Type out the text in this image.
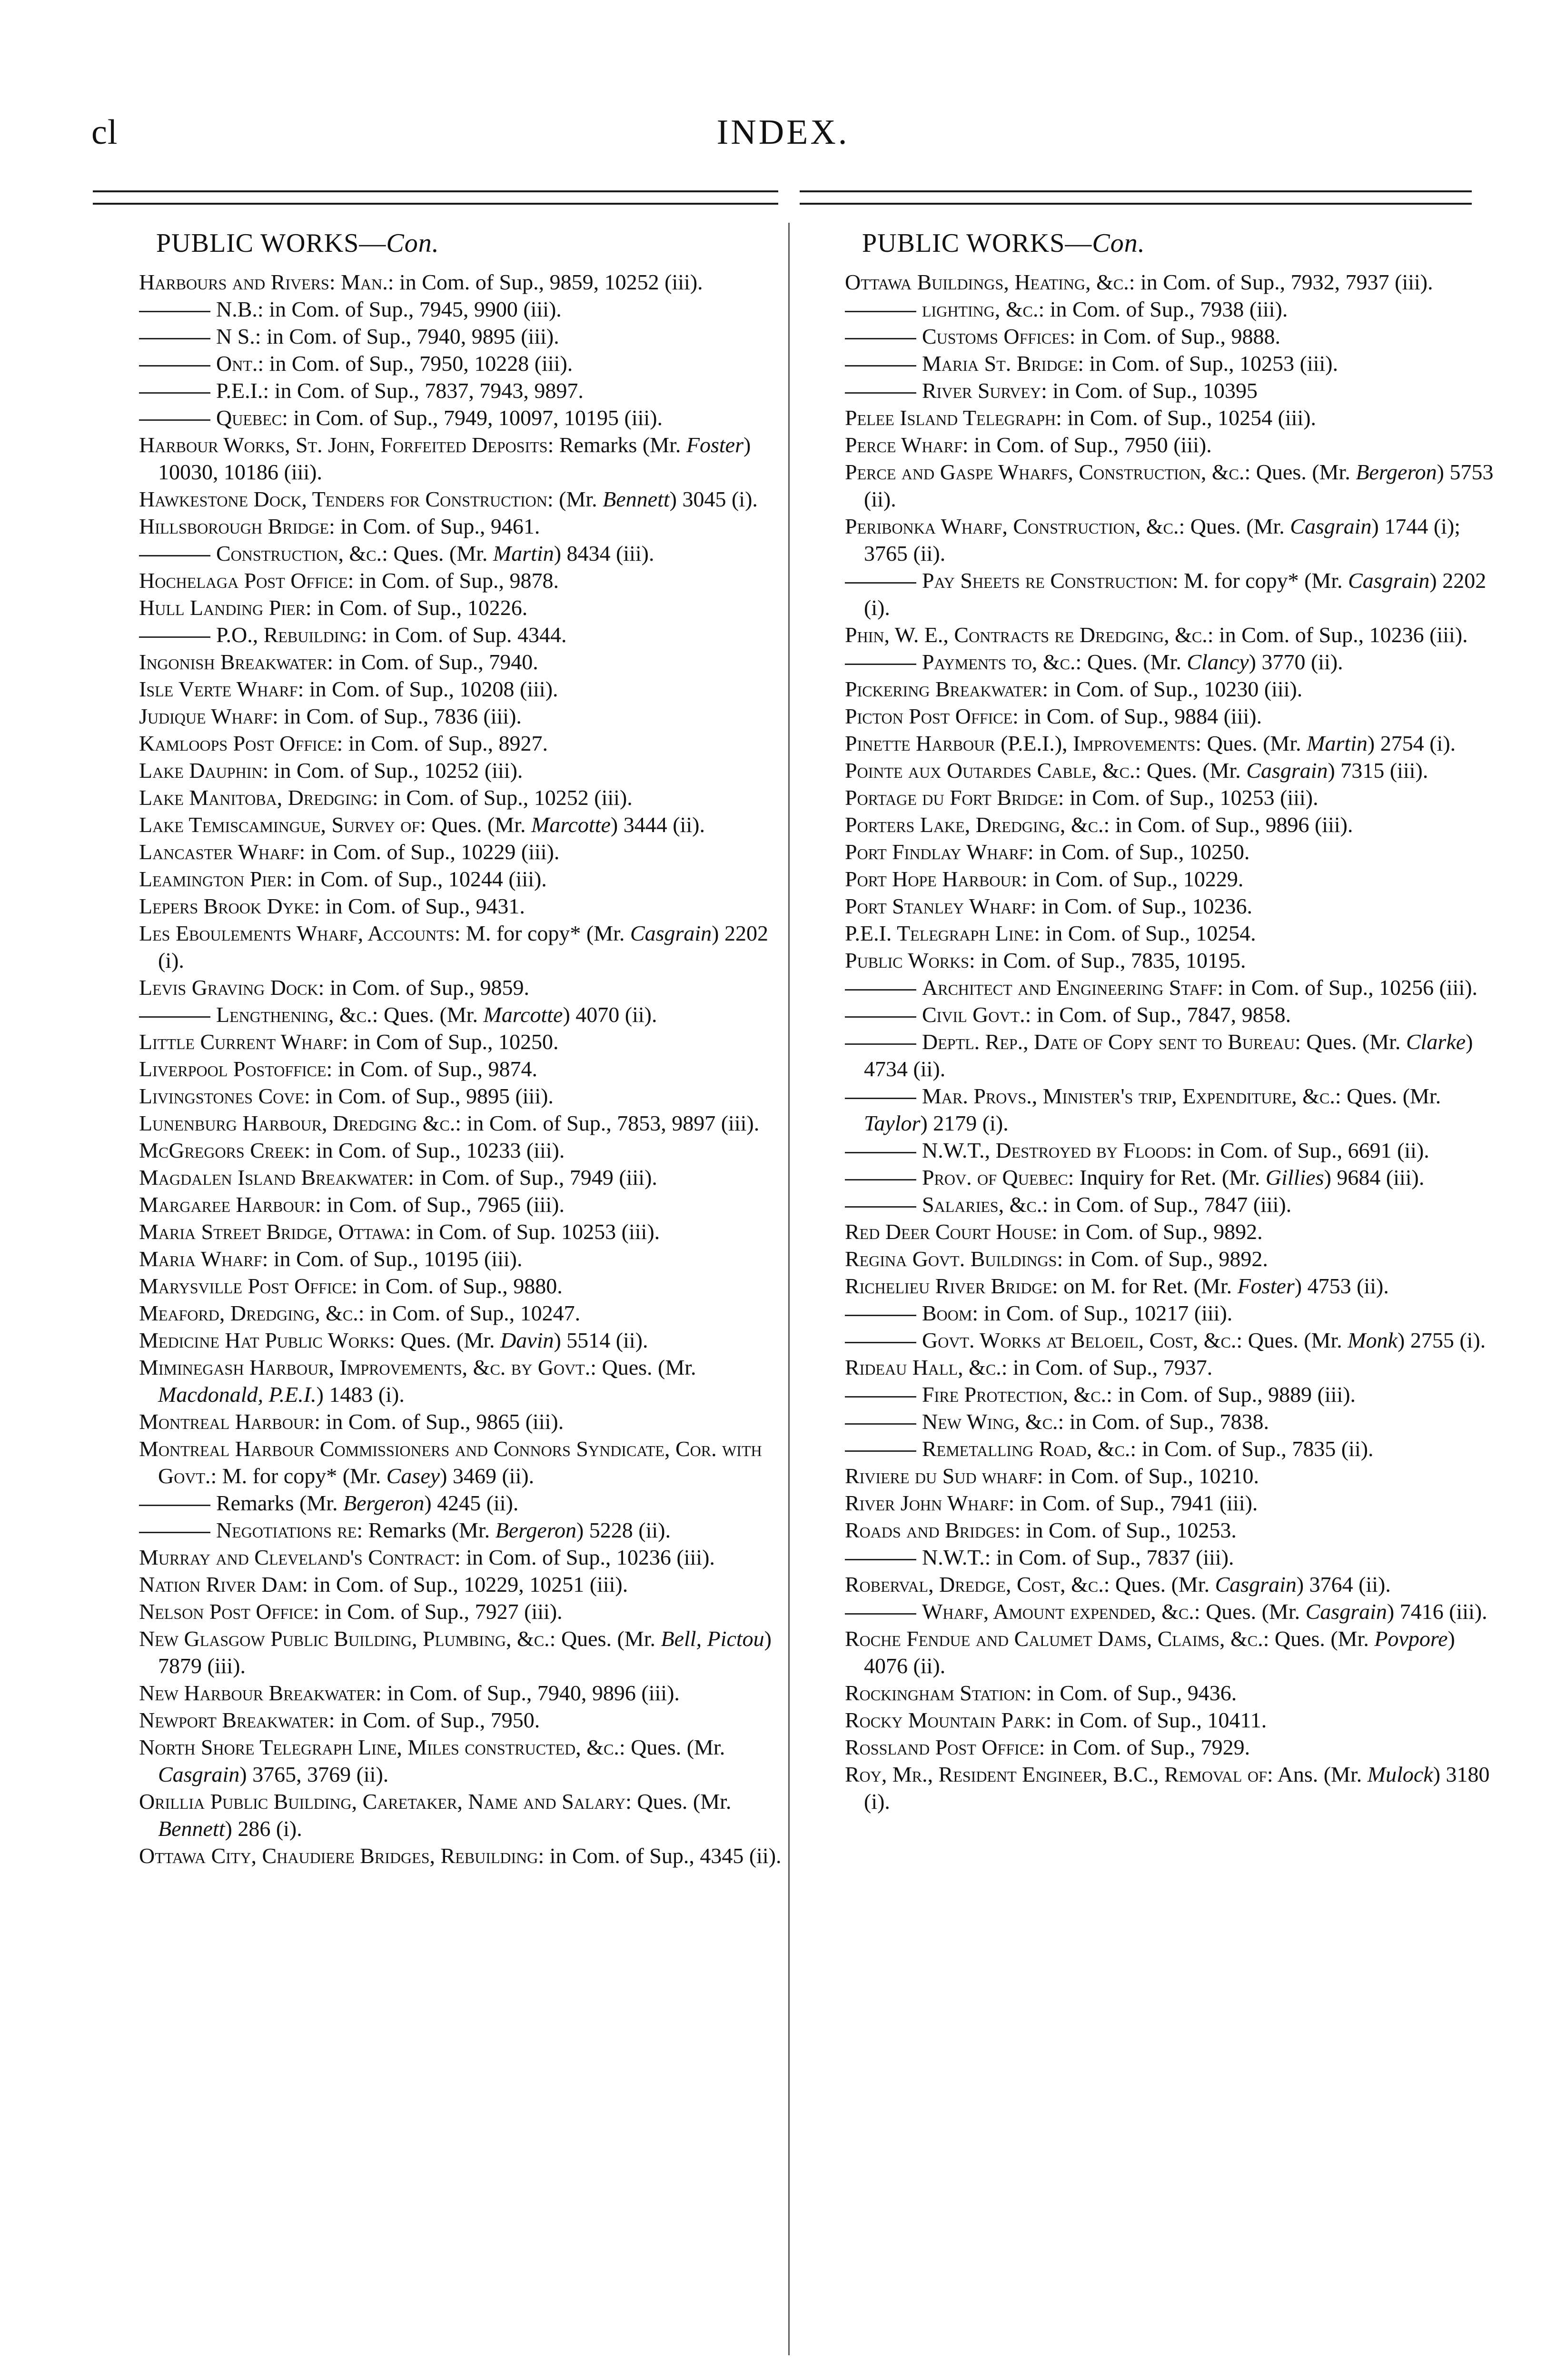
cl	INDEX.
PUBLIC WORKS—Con.
Harbours and Rivers: Man.: in Com. of Sup., 9859, 10252 (iii).
N.B.: in Com. of Sup., 7945, 9900 (iii).
N S.: in Com. of Sup., 7940, 9895 (iii).
Ont.: in Com. of Sup., 7950, 10228 (iii).
P.E.I.: in Com. of Sup., 7837, 7943, 9897.
Quebec: in Com. of Sup., 7949, 10097, 10195 (iii).
Harbour Works, St. John, Forfeited Deposits: Remarks (Mr. Foster) 10030, 10186 (iii).
Hawkestone Dock, Tenders for Construction: (Mr. Bennett) 3045 (i).
Hillsborough Bridge: in Com. of Sup., 9461.
Construction, &c.: Ques. (Mr. Martin) 8434 (iii).
Hochelaga Post Office: in Com. of Sup., 9878.
Hull Landing Pier: in Com. of Sup., 10226.
P.O., Rebuilding: in Com. of Sup. 4344.
Ingonish Breakwater: in Com. of Sup., 7940.
Isle Verte Wharf: in Com. of Sup., 10208 (iii).
Judique Wharf: in Com. of Sup., 7836 (iii).
Kamloops Post Office: in Com. of Sup., 8927.
Lake Dauphin: in Com. of Sup., 10252 (iii).
Lake Manitoba, Dredging: in Com. of Sup., 10252 (iii).
Lake Temiscamingue, Survey of: Ques. (Mr. Marcotte) 3444 (ii).
Lancaster Wharf: in Com. of Sup., 10229 (iii).
Leamington Pier: in Com. of Sup., 10244 (iii).
Lepers Brook Dyke: in Com. of Sup., 9431.
Les Eboulements Wharf, Accounts: M. for copy* (Mr. Casgrain) 2202 (i).
Levis Graving Dock: in Com. of Sup., 9859.
Lengthening, &c.: Ques. (Mr. Marcotte) 4070 (ii).
Little Current Wharf: in Com of Sup., 10250.
Liverpool Postoffice: in Com. of Sup., 9874.
Livingstones Cove: in Com. of Sup., 9895 (iii).
Lunenburg Harbour, Dredging &c.: in Com. of Sup., 7853, 9897 (iii).
McGregors Creek: in Com. of Sup., 10233 (iii).
Magdalen Island Breakwater: in Com. of Sup., 7949 (iii).
Margaree Harbour: in Com. of Sup., 7965 (iii).
Maria Street Bridge, Ottawa: in Com. of Sup. 10253 (iii).
Maria Wharf: in Com. of Sup., 10195 (iii).
Marysville Post Office: in Com. of Sup., 9880.
Meaford, Dredging, &c.: in Com. of Sup., 10247.
Medicine Hat Public Works: Ques. (Mr. Davin) 5514 (ii).
Miminegash Harbour, Improvements, &c. by Govt.: Ques. (Mr. Macdonald, P.E.I.) 1483 (i).
Montreal Harbour: in Com. of Sup., 9865 (iii).
Montreal Harbour Commissioners and Connors Syndicate, Cor. with Govt.: M. for copy* (Mr. Casey) 3469 (ii).
Remarks (Mr. Bergeron) 4245 (ii).
Negotiations re: Remarks (Mr. Bergeron) 5228 (ii).
Murray and Cleveland's Contract: in Com. of Sup., 10236 (iii).
Nation River Dam: in Com. of Sup., 10229, 10251 (iii).
Nelson Post Office: in Com. of Sup., 7927 (iii).
New Glasgow Public Building, Plumbing, &c.: Ques. (Mr. Bell, Pictou) 7879 (iii).
New Harbour Breakwater: in Com. of Sup., 7940, 9896 (iii).
Newport Breakwater: in Com. of Sup., 7950.
North Shore Telegraph Line, Miles constructed, &c.: Ques. (Mr. Casgrain) 3765, 3769 (ii).
Orillia Public Building, Caretaker, Name and Salary: Ques. (Mr. Bennett) 286 (i).
Ottawa City, Chaudiere Bridges, Rebuilding: in Com. of Sup., 4345 (ii).
PUBLIC WORKS—Con.
Ottawa Buildings, Heating, &c.: in Com. of Sup., 7932, 7937 (iii).
lighting, &c.: in Com. of Sup., 7938 (iii).
Customs Offices: in Com. of Sup., 9888.
Maria St. Bridge: in Com. of Sup., 10253 (iii).
River Survey: in Com. of Sup., 10395
Pelee Island Telegraph: in Com. of Sup., 10254 (iii).
Perce Wharf: in Com. of Sup., 7950 (iii).
Perce and Gaspe Wharfs, Construction, &c.: Ques. (Mr. Bergeron) 5753 (ii).
Peribonka Wharf, Construction, &c.: Ques. (Mr. Casgrain) 1744 (i); 3765 (ii).
Pay Sheets re Construction: M. for copy* (Mr. Casgrain) 2202 (i).
Phin, W. E., Contracts re Dredging, &c.: in Com. of Sup., 10236 (iii).
Payments to, &c.: Ques. (Mr. Clancy) 3770 (ii).
Pickering Breakwater: in Com. of Sup., 10230 (iii).
Picton Post Office: in Com. of Sup., 9884 (iii).
Pinette Harbour (P.E.I.), Improvements: Ques. (Mr. Martin) 2754 (i).
Pointe aux Outardes Cable, &c.: Ques. (Mr. Casgrain) 7315 (iii).
Portage du Fort Bridge: in Com. of Sup., 10253 (iii).
Porters Lake, Dredging, &c.: in Com. of Sup., 9896 (iii).
Port Findlay Wharf: in Com. of Sup., 10250.
Port Hope Harbour: in Com. of Sup., 10229.
Port Stanley Wharf: in Com. of Sup., 10236.
P.E.I. Telegraph Line: in Com. of Sup., 10254.
Public Works: in Com. of Sup., 7835, 10195.
Architect and Engineering Staff: in Com. of Sup., 10256 (iii).
Civil Govt.: in Com. of Sup., 7847, 9858.
Deptl. Rep., Date of Copy sent to Bureau: Ques. (Mr. Clarke) 4734 (ii).
Mar. Provs., Minister's trip, Expenditure, &c.: Ques. (Mr. Taylor) 2179 (i).
N.W.T., Destroyed by Floods: in Com. of Sup., 6691 (ii).
Prov. of Quebec: Inquiry for Ret. (Mr. Gillies) 9684 (iii).
Salaries, &c.: in Com. of Sup., 7847 (iii).
Red Deer Court House: in Com. of Sup., 9892.
Regina Govt. Buildings: in Com. of Sup., 9892.
Richelieu River Bridge: on M. for Ret. (Mr. Foster) 4753 (ii).
Boom: in Com. of Sup., 10217 (iii).
Govt. Works at Beloeil, Cost, &c.: Ques. (Mr. Monk) 2755 (i).
Rideau Hall, &c.: in Com. of Sup., 7937.
Fire Protection, &c.: in Com. of Sup., 9889 (iii).
New Wing, &c.: in Com. of Sup., 7838.
Remetalling Road, &c.: in Com. of Sup., 7835 (ii).
Riviere du Sud wharf: in Com. of Sup., 10210.
River John Wharf: in Com. of Sup., 7941 (iii).
Roads and Bridges: in Com. of Sup., 10253.
N.W.T.: in Com. of Sup., 7837 (iii).
Roberval, Dredge, Cost, &c.: Ques. (Mr. Casgrain) 3764 (ii).
Wharf, Amount expended, &c.: Ques. (Mr. Casgrain) 7416 (iii).
Roche Fendue and Calumet Dams, Claims, &c.: Ques. (Mr. Povpore) 4076 (ii).
Rockingham Station: in Com. of Sup., 9436.
Rocky Mountain Park: in Com. of Sup., 10411.
Rossland Post Office: in Com. of Sup., 7929.
Roy, Mr., Resident Engineer, B.C., Removal of: Ans. (Mr. Mulock) 3180 (i).
